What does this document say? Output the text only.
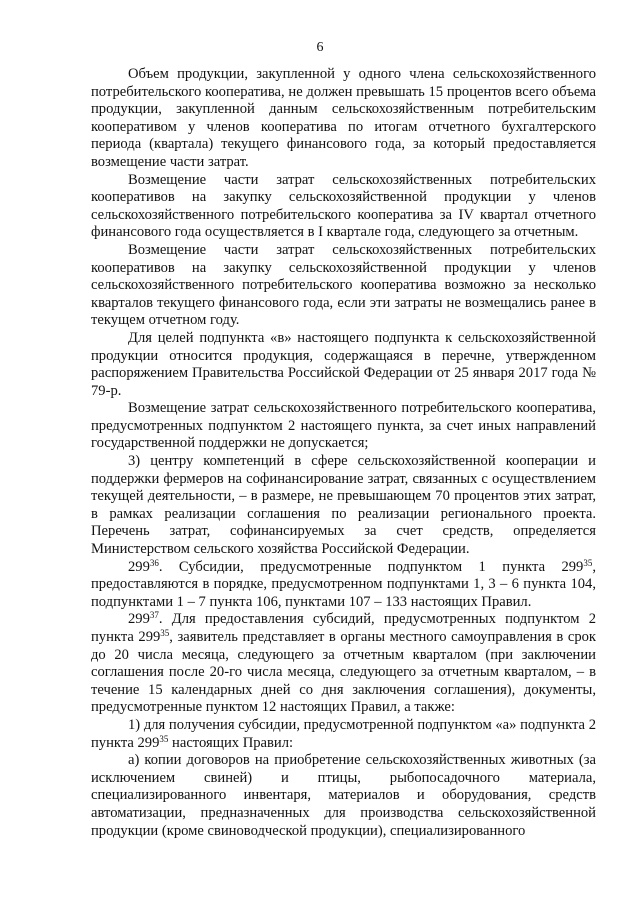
6

Объем продукции, закупленной у одного члена сельскохозяйственного потребительского кооператива, не должен превышать 15 процентов всего объема продукции, закупленной данным сельскохозяйственным потребительским кооперативом у членов кооператива по итогам отчетного бухгалтерского периода (квартала) текущего финансового года, за который предоставляется возмещение части затрат.

Возмещение части затрат сельскохозяйственных потребительских кооперативов на закупку сельскохозяйственной продукции у членов сельскохозяйственного потребительского кооператива за IV квартал отчетного финансового года осуществляется в I квартале года, следующего за отчетным.

Возмещение части затрат сельскохозяйственных потребительских кооперативов на закупку сельскохозяйственной продукции у членов сельскохозяйственного потребительского кооператива возможно за несколько кварталов текущего финансового года, если эти затраты не возмещались ранее в текущем отчетном году.

Для целей подпункта «в» настоящего подпункта к сельскохозяйственной продукции относится продукция, содержащаяся в перечне, утвержденном распоряжением Правительства Российской Федерации от 25 января 2017 года № 79-р.

Возмещение затрат сельскохозяйственного потребительского кооператива, предусмотренных подпунктом 2 настоящего пункта, за счет иных направлений государственной поддержки не допускается;

3) центру компетенций в сфере сельскохозяйственной кооперации и поддержки фермеров на софинансирование затрат, связанных с осуществлением текущей деятельности, – в размере, не превышающем 70 процентов этих затрат, в рамках реализации соглашения по реализации регионального проекта. Перечень затрат, софинансируемых за счет средств, определяется Министерством сельского хозяйства Российской Федерации.

$299^{36}$. Субсидии, предусмотренные подпунктом 1 пункта $299^{35}$, предоставляются в порядке, предусмотренном подпунктами 1, 3 – 6 пункта 104, подпунктами 1 – 7 пункта 106, пунктами 107 – 133 настоящих Правил.

$299^{37}$. Для предоставления субсидий, предусмотренных подпунктом 2 пункта $299^{35}$, заявитель представляет в органы местного самоуправления в срок до 20 числа месяца, следующего за отчетным кварталом (при заключении соглашения после 20-го числа месяца, следующего за отчетным кварталом, – в течение 15 календарных дней со дня заключения соглашения), документы, предусмотренные пунктом 12 настоящих Правил, а также:

1) для получения субсидии, предусмотренной подпунктом «а» подпункта 2 пункта $299^{35}$ настоящих Правил:

а) копии договоров на приобретение сельскохозяйственных животных (за исключением свиней) и птицы, рыбопосадочного материала, специализированного инвентаря, материалов и оборудования, средств автоматизации, предназначенных для производства сельскохозяйственной продукции (кроме свиноводческой продукции), специализированного
